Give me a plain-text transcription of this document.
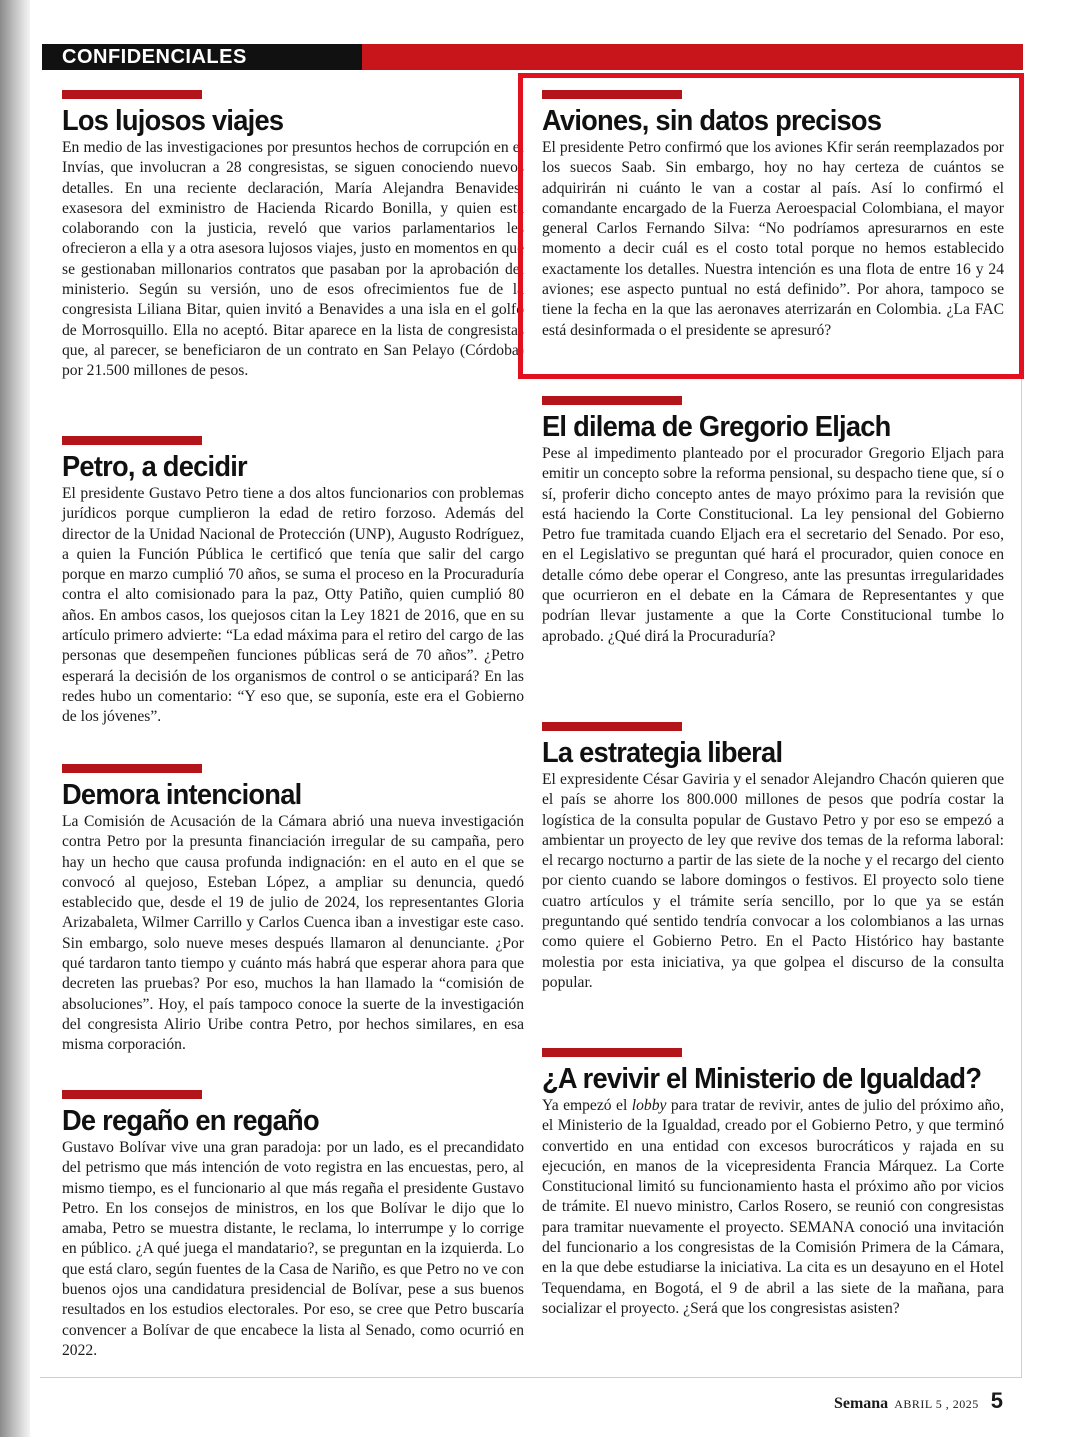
CONFIDENCIALES
Los lujosos viajes

En medio de las investigaciones por presuntos hechos de corrupción en el Invías, que involucran a 28 congresistas, se siguen conociendo nuevos detalles. En una reciente declaración, María Alejandra Benavides, exasesora del exministro de Hacienda Ricardo Bonilla, y quien está colaborando con la justicia, reveló que varios parlamentarios les ofrecieron a ella y a otra asesora lujosos viajes, justo en momentos en que se gestionaban millonarios contratos que pasaban por la aprobación del ministerio. Según su versión, uno de esos ofrecimientos fue de la congresista Liliana Bitar, quien invitó a Benavides a una isla en el golfo de Morrosquillo. Ella no aceptó. Bitar aparece en la lista de congresistas que, al parecer, se beneficiaron de un contrato en San Pelayo (Córdoba) por 21.500 millones de pesos.

Petro, a decidir

El presidente Gustavo Petro tiene a dos altos funcionarios con problemas jurídicos porque cumplieron la edad de retiro forzoso. Además del director de la Unidad Nacional de Protección (UNP), Augusto Rodríguez, a quien la Función Pública le certificó que tenía que salir del cargo porque en marzo cumplió 70 años, se suma el proceso en la Procuraduría contra el alto comisionado para la paz, Otty Patiño, quien cumplió 80 años. En ambos casos, los quejosos citan la Ley 1821 de 2016, que en su artículo primero advierte: “La edad máxima para el retiro del cargo de las personas que desempeñen funciones públicas será de 70 años”. ¿Petro esperará la decisión de los organismos de control o se anticipará? En las redes hubo un comentario: “Y eso que, se suponía, este era el Gobierno de los jóvenes”.

Demora intencional

La Comisión de Acusación de la Cámara abrió una nueva investigación contra Petro por la presunta financiación irregular de su campaña, pero hay un hecho que causa profunda indignación: en el auto en el que se convocó al quejoso, Esteban López, a ampliar su denuncia, quedó establecido que, desde el 19 de julio de 2024, los representantes Gloria Arizabaleta, Wilmer Carrillo y Carlos Cuenca iban a investigar este caso. Sin embargo, solo nueve meses después llamaron al denunciante. ¿Por qué tardaron tanto tiempo y cuánto más habrá que esperar ahora para que decreten las pruebas? Por eso, muchos la han llamado la “comisión de absoluciones”. Hoy, el país tampoco conoce la suerte de la investigación del congresista Alirio Uribe contra Petro, por hechos similares, en esa misma corporación.

De regaño en regaño

Gustavo Bolívar vive una gran paradoja: por un lado, es el precandidato del petrismo que más intención de voto registra en las encuestas, pero, al mismo tiempo, es el funcionario al que más regaña el presidente Gustavo Petro. En los consejos de ministros, en los que Bolívar le dijo que lo amaba, Petro se muestra distante, le reclama, lo interrumpe y lo corrige en público. ¿A qué juega el mandatario?, se preguntan en la izquierda. Lo que está claro, según fuentes de la Casa de Nariño, es que Petro no ve con buenos ojos una candidatura presidencial de Bolívar, pese a sus buenos resultados en los estudios electorales. Por eso, se cree que Petro buscaría convencer a Bolívar de que encabece la lista al Senado, como ocurrió en 2022.

Aviones, sin datos precisos

El presidente Petro confirmó que los aviones Kfir serán reemplazados por los suecos Saab. Sin embargo, hoy no hay certeza de cuántos se adquirirán ni cuánto le van a costar al país. Así lo confirmó el comandante encargado de la Fuerza Aeroespacial Colombiana, el mayor general Carlos Fernando Silva: “No podríamos apresurarnos en este momento a decir cuál es el costo total porque no hemos establecido exactamente los detalles. Nuestra intención es una flota de entre 16 y 24 aviones; ese aspecto puntual no está definido”. Por ahora, tampoco se tiene la fecha en la que las aeronaves aterrizarán en Colombia. ¿La FAC está desinformada o el presidente se apresuró?

El dilema de Gregorio Eljach

Pese al impedimento planteado por el procurador Gregorio Eljach para emitir un concepto sobre la reforma pensional, su despacho tiene que, sí o sí, proferir dicho concepto antes de mayo próximo para la revisión que está haciendo la Corte Constitucional. La ley pensional del Gobierno Petro fue tramitada cuando Eljach era el secretario del Senado. Por eso, en el Legislativo se preguntan qué hará el procurador, quien conoce en detalle cómo debe operar el Congreso, ante las presuntas irregularidades que ocurrieron en el debate en la Cámara de Representantes y que podrían llevar justamente a que la Corte Constitucional tumbe lo aprobado. ¿Qué dirá la Procuraduría?

La estrategia liberal

El expresidente César Gaviria y el senador Alejandro Chacón quieren que el país se ahorre los 800.000 millones de pesos que podría costar la logística de la consulta popular de Gustavo Petro y por eso se empezó a ambientar un proyecto de ley que revive dos temas de la reforma laboral: el recargo nocturno a partir de las siete de la noche y el recargo del ciento por ciento cuando se labore domingos o festivos. El proyecto solo tiene cuatro artículos y el trámite sería sencillo, por lo que ya se están preguntando qué sentido tendría convocar a los colombianos a las urnas como quiere el Gobierno Petro. En el Pacto Histórico hay bastante molestia por esta iniciativa, ya que golpea el discurso de la consulta popular.

¿A revivir el Ministerio de Igualdad?

Ya empezó el lobby para tratar de revivir, antes de julio del próximo año, el Ministerio de la Igualdad, creado por el Gobierno Petro, y que terminó convertido en una entidad con excesos burocráticos y rajada en su ejecución, en manos de la vicepresidenta Francia Márquez. La Corte Constitucional limitó su funcionamiento hasta el próximo año por vicios de trámite. El nuevo ministro, Carlos Rosero, se reunió con congresistas para tramitar nuevamente el proyecto. SEMANA conoció una invitación del funcionario a los congresistas de la Comisión Primera de la Cámara, en la que debe estudiarse la iniciativa. La cita es un desayuno en el Hotel Tequendama, en Bogotá, el 9 de abril a las siete de la mañana, para socializar el proyecto. ¿Será que los congresistas asisten?

Semana ABRIL 5 , 2025 5
